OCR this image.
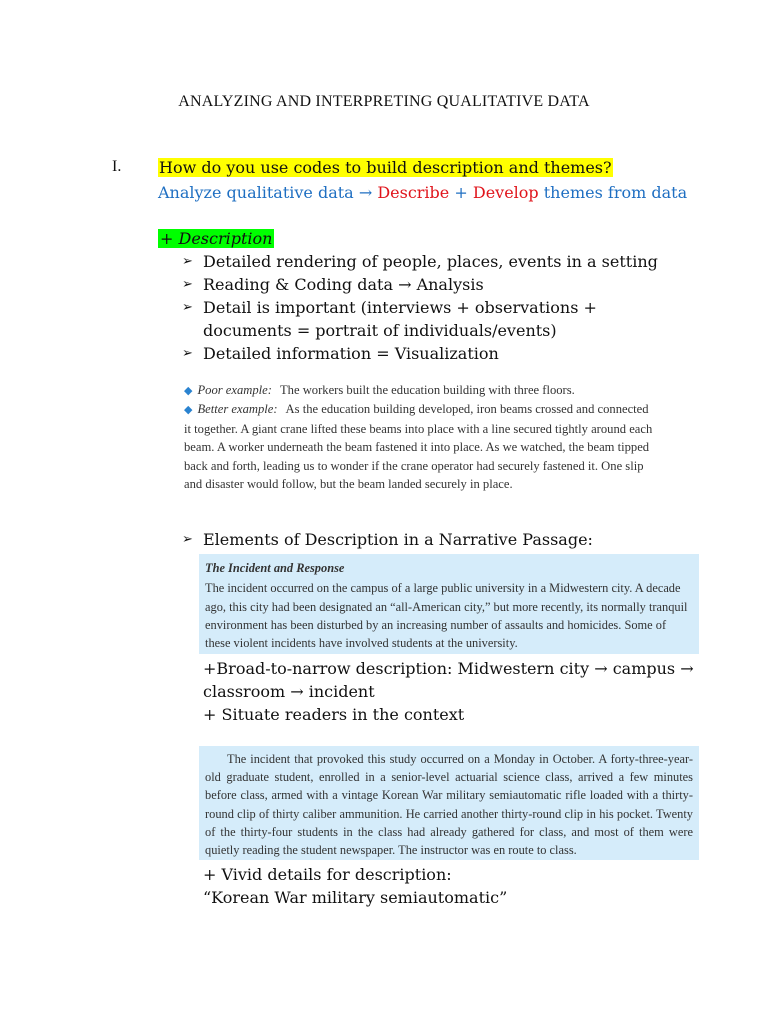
ANALYZING AND INTERPRETING QUALITATIVE DATA
I. How do you use codes to build description and themes?
Analyze qualitative data → Describe + Develop themes from data
+ Description
➢ Detailed rendering of people, places, events in a setting
➢ Reading & Coding data → Analysis
➢ Detail is important (interviews + observations + documents = portrait of individuals/events)
➢ Detailed information = Visualization
◆ Poor example: The workers built the education building with three floors.
◆ Better example: As the education building developed, iron beams crossed and connected it together. A giant crane lifted these beams into place with a line secured tightly around each beam. A worker underneath the beam fastened it into place. As we watched, the beam tipped back and forth, leading us to wonder if the crane operator had securely fastened it. One slip and disaster would follow, but the beam landed securely in place.
➢ Elements of Description in a Narrative Passage:
The Incident and Response
The incident occurred on the campus of a large public university in a Midwestern city. A decade ago, this city had been designated an “all-American city,” but more recently, its normally tranquil environment has been disturbed by an increasing number of assaults and homicides. Some of these violent incidents have involved students at the university.
+Broad-to-narrow description: Midwestern city → campus → classroom → incident
+ Situate readers in the context
The incident that provoked this study occurred on a Monday in October. A forty-three-year-old graduate student, enrolled in a senior-level actuarial science class, arrived a few minutes before class, armed with a vintage Korean War military semiautomatic rifle loaded with a thirty-round clip of thirty caliber ammunition. He carried another thirty-round clip in his pocket. Twenty of the thirty-four students in the class had already gathered for class, and most of them were quietly reading the student newspaper. The instructor was en route to class.
+ Vivid details for description:
“Korean War military semiautomatic”
